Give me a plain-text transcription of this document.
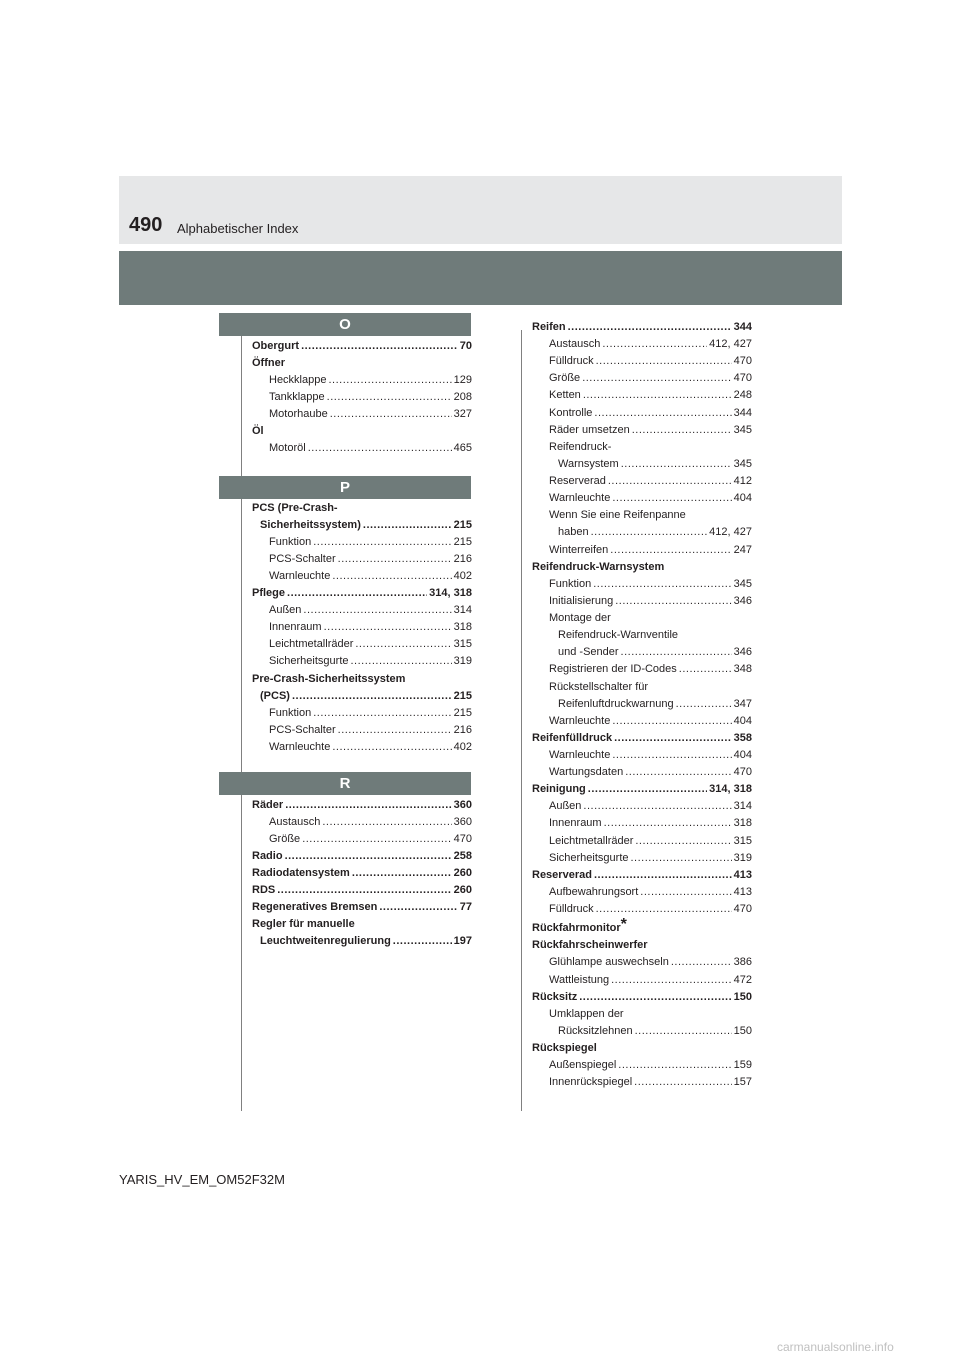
490 Alphabetischer Index
O
Obergurt .....	70
Öffner
Heckklappe .....	129
Tankklappe .....	208
Motorhaube .....	327
Öl
Motoröl .....	465
P
PCS (Pre-Crash-
Sicherheitssystem) .....	215
Funktion .....	215
PCS-Schalter .....	216
Warnleuchte .....	402
Pflege .....	314, 318
Außen .....	314
Innenraum .....	318
Leichtmetallräder .....	315
Sicherheitsgurte .....	319
Pre-Crash-Sicherheitssystem
(PCS) .....	215
Funktion .....	215
PCS-Schalter .....	216
Warnleuchte .....	402
R
Räder .....	360
Austausch .....	360
Größe .....	470
Radio .....	258
Radiodatensystem .....	260
RDS .....	260
Regeneratives Bremsen .....	77
Regler für manuelle
Leuchtweitenregulierung .....	197
Reifen .....	344
Austausch .....	412, 427
Fülldruck .....	470
Größe .....	470
Ketten .....	248
Kontrolle .....	344
Räder umsetzen .....	345
Reifendruck-
Warnsystem .....	345
Reserverad .....	412
Warnleuchte .....	404
Wenn Sie eine Reifenpanne
haben .....	412, 427
Winterreifen .....	247
Reifendruck-Warnsystem
Funktion .....	345
Initialisierung .....	346
Montage der
Reifendruck-Warnventile
und -Sender .....	346
Registrieren der ID-Codes .....	348
Rückstellschalter für
Reifenluftdruckwarnung .....	347
Warnleuchte .....	404
Reifenfülldruck .....	358
Warnleuchte .....	404
Wartungsdaten .....	470
Reinigung .....	314, 318
Außen .....	314
Innenraum .....	318
Leichtmetallräder .....	315
Sicherheitsgurte .....	319
Reserverad .....	413
Aufbewahrungsort .....	413
Fülldruck .....	470
Rückfahrmonitor*
Rückfahrscheinwerfer
Glühlampe auswechseln .....	386
Wattleistung .....	472
Rücksitz .....	150
Umklappen der
Rücksitzlehnen .....	150
Rückspiegel
Außenspiegel .....	159
Innenrückspiegel .....	157
YARIS_HV_EM_OM52F32M
carmanualsonline.info
